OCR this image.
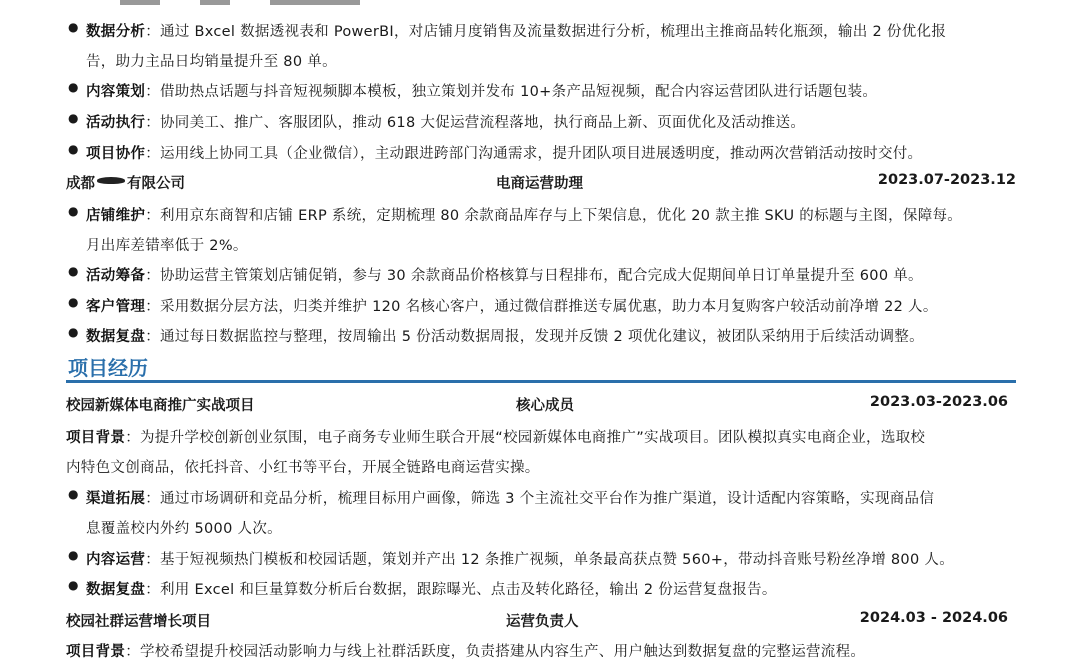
● 数据分析：通过 Bxcel 数据透视表和 PowerBI，对店铺月度销售及流量数据进行分析，梳理出主推商品转化瓶颈，输出 2 份优化报
告，助力主品日均销量提升至 80 单。
● 内容策划：借助热点话题与抖音短视频脚本模板，独立策划并发布 10+条产品短视频，配合内容运营团队进行话题包装。
● 活动执行：协同美工、推广、客服团队，推动 618 大促运营流程落地，执行商品上新、页面优化及活动推送。
● 项目协作：运用线上协同工具（企业微信），主动跟进跨部门沟通需求，提升团队项目进展透明度，推动两次营销活动按时交付。
成都 有限公司	电商运营助理	2023.07-2023.12
● 店铺维护：利用京东商智和店铺 ERP 系统，定期梳理 80 余款商品库存与上下架信息，优化 20 款主推 SKU 的标题与主图，保障每。
月出库差错率低于 2%。
● 活动筹备：协助运营主管策划店铺促销，参与 30 余款商品价格核算与日程排布，配合完成大促期间单日订单量提升至 600 单。
● 客户管理：采用数据分层方法，归类并维护 120 名核心客户，通过微信群推送专属优惠，助力本月复购客户较活动前净增 22 人。
● 数据复盘：通过每日数据监控与整理，按周输出 5 份活动数据周报，发现并反馈 2 项优化建议，被团队采纳用于后续活动调整。
项目经历
校园新媒体电商推广实战项目	核心成员	2023.03-2023.06
项目背景：为提升学校创新创业氛围，电子商务专业师生联合开展“校园新媒体电商推广”实战项目。团队模拟真实电商企业，选取校
内特色文创商品，依托抖音、小红书等平台，开展全链路电商运营实操。
● 渠道拓展：通过市场调研和竞品分析，梳理目标用户画像，筛选 3 个主流社交平台作为推广渠道，设计适配内容策略，实现商品信
息覆盖校内外约 5000 人次。
● 内容运营：基于短视频热门模板和校园话题，策划并产出 12 条推广视频，单条最高获点赞 560+，带动抖音账号粉丝净增 800 人。
● 数据复盘：利用 Excel 和巨量算数分析后台数据，跟踪曝光、点击及转化路径，输出 2 份运营复盘报告。
校园社群运营增长项目	运营负责人	2024.03 - 2024.06
项目背景：学校希望提升校园活动影响力与线上社群活跃度，负责搭建从内容生产、用户触达到数据复盘的完整运营流程。
